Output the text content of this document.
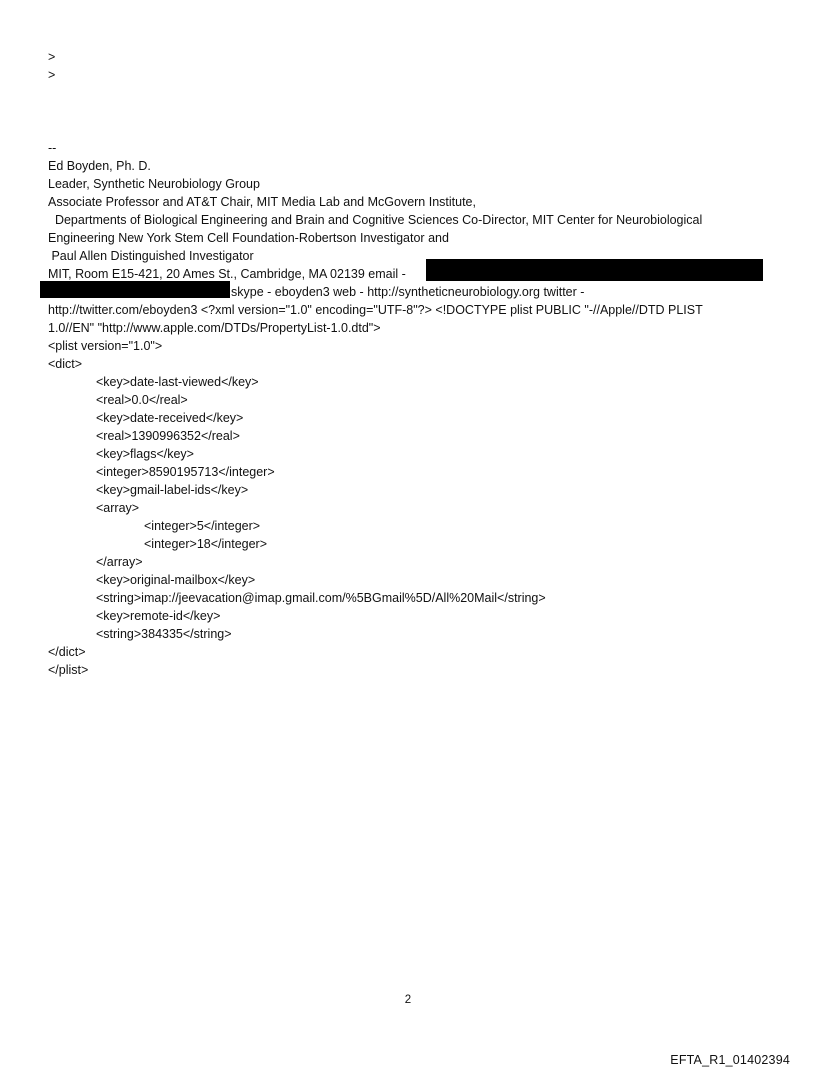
>
>
--
Ed Boyden, Ph. D.
Leader, Synthetic Neurobiology Group
Associate Professor and AT&T Chair, MIT Media Lab and McGovern Institute,
Departments of Biological Engineering and Brain and Cognitive Sciences Co-Director, MIT Center for Neurobiological
Engineering New York Stem Cell Foundation-Robertson Investigator and
Paul Allen Distinguished Investigator
MIT, Room E15-421, 20 Ames St., Cambridge, MA 02139 email -
skype - eboyden3 web - http://syntheticneurobiology.org twitter -
http://twitter.com/eboyden3 <?xml version="1.0" encoding="UTF-8"?> <!DOCTYPE plist PUBLIC "-//Apple//DTD PLIST
1.0//EN" "http://www.apple.com/DTDs/PropertyList-1.0.dtd">
<plist version="1.0">
<dict>
<key>date-last-viewed</key>
<real>0.0</real>
<key>date-received</key>
<real>1390996352</real>
<key>flags</key>
<integer>8590195713</integer>
<key>gmail-label-ids</key>
<array>
<integer>5</integer>
<integer>18</integer>
</array>
<key>original-mailbox</key>
<string>imap://jeevacation@imap.gmail.com/%5BGmail%5D/All%20Mail</string>
<key>remote-id</key>
<string>384335</string>
</dict>
</plist>
2
EFTA_R1_01402394
